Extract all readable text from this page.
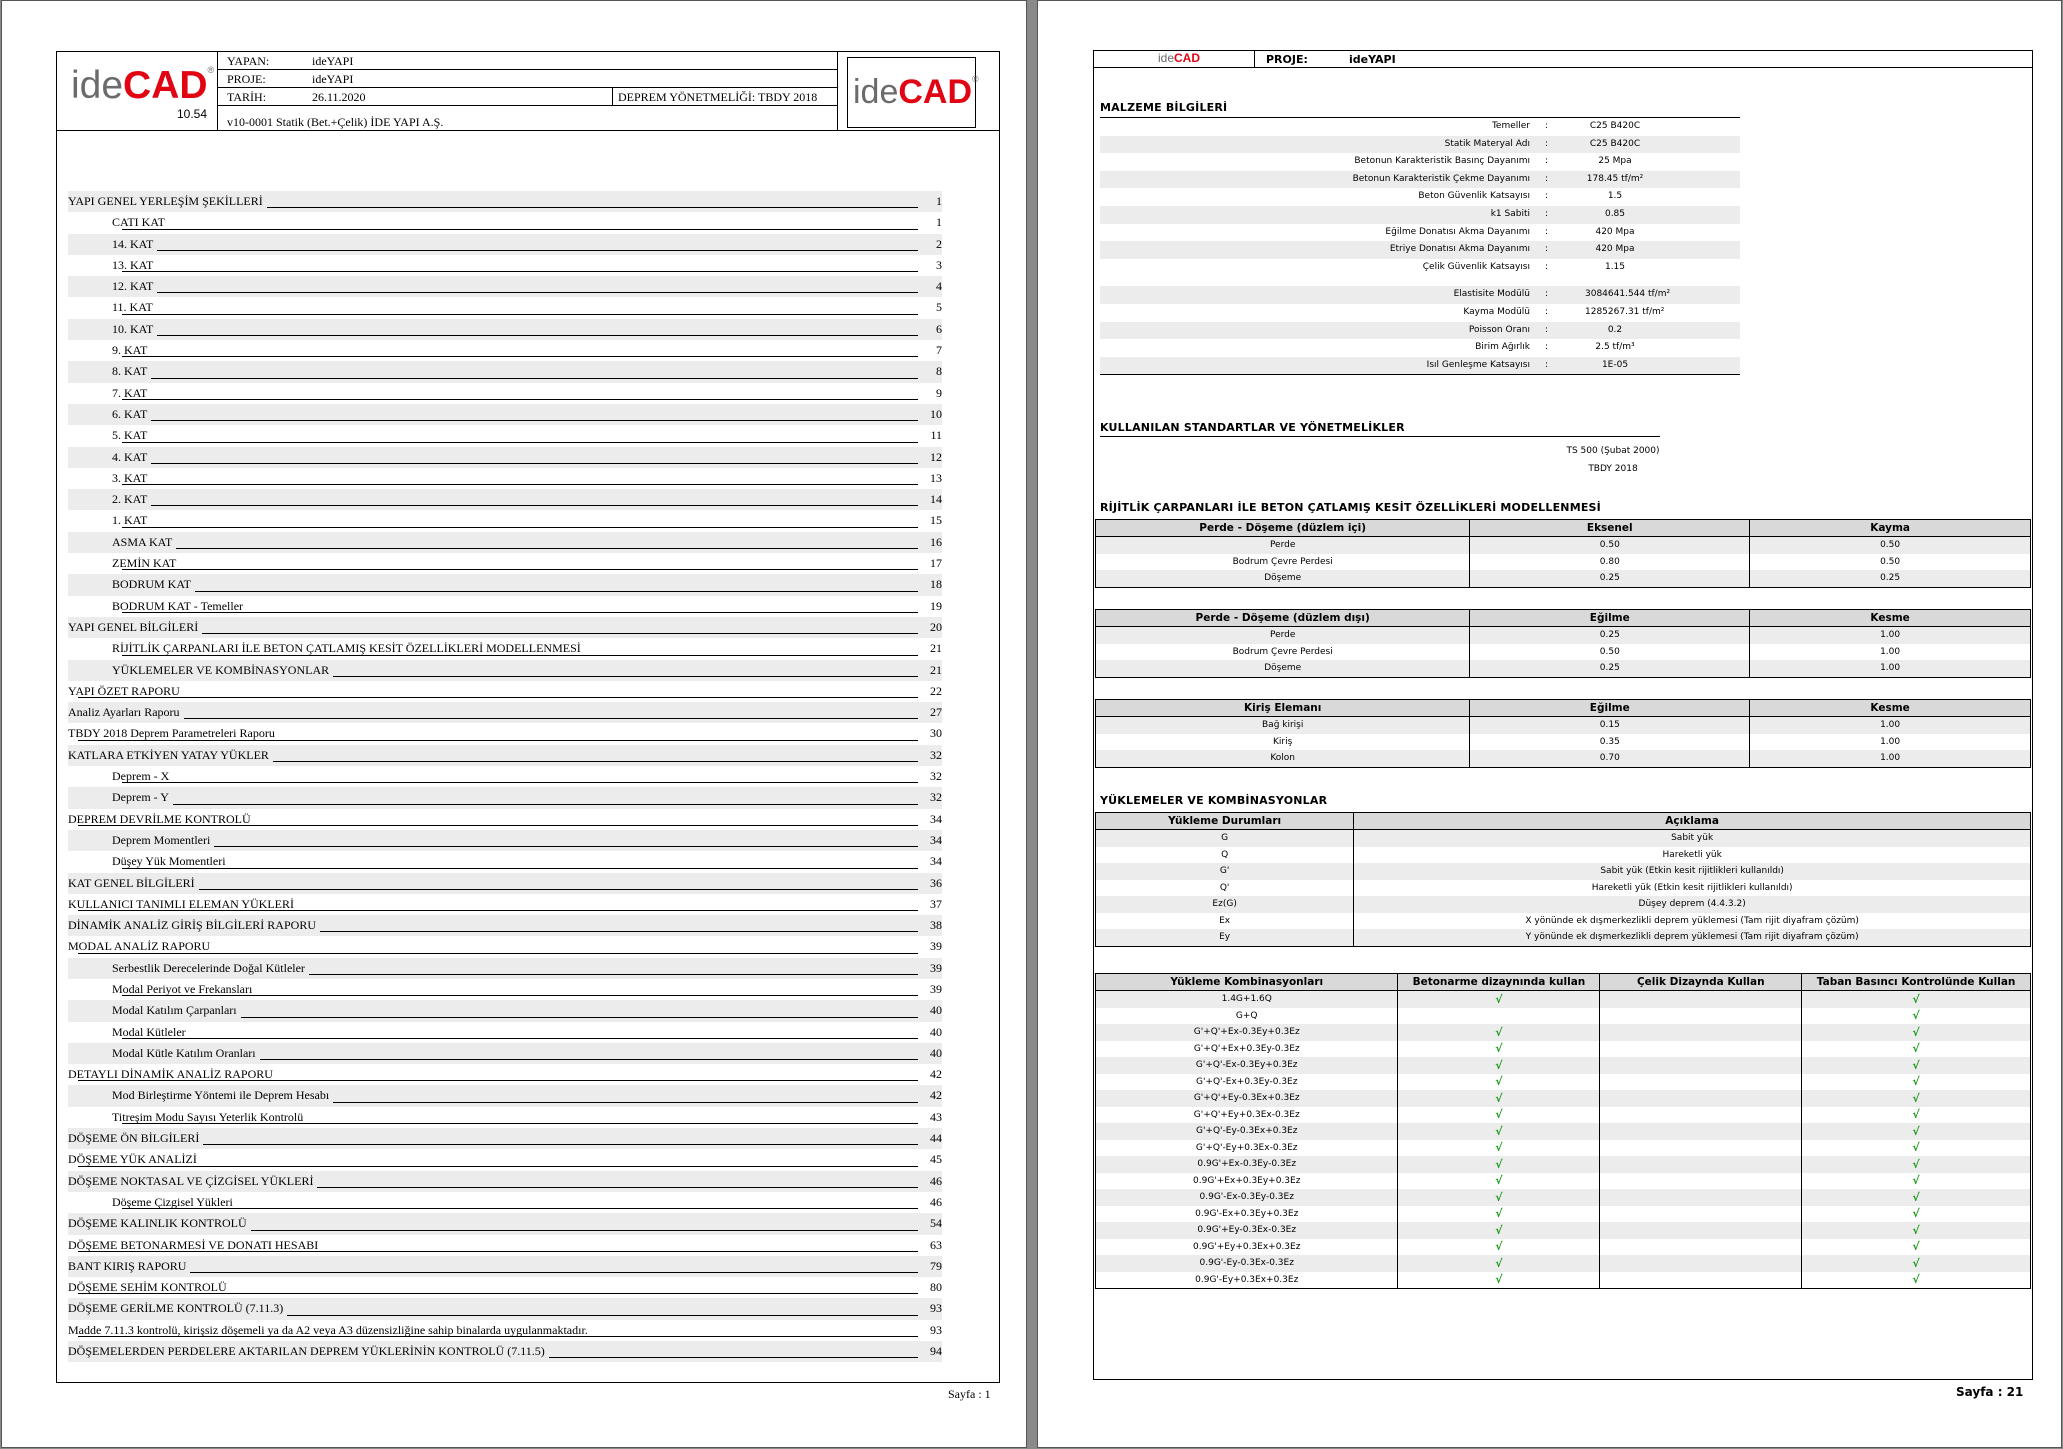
ideCAD®
10.54
YAPAN:	ideYAPI
PROJE:	ideYAPI
TARİH:	26.11.2020	DEPREM YÖNETMELİĞİ: TBDY 2018
v10-0001 Statik (Bet.+Çelik) İDE YAPI A.Ş.
ideCAD®
YAPI GENEL YERLEŞİM ŞEKİLLERİ	1
CATI KAT	1
14. KAT	2
13. KAT	3
12. KAT	4
11. KAT	5
10. KAT	6
9. KAT	7
8. KAT	8
7. KAT	9
6. KAT	10
5. KAT	11
4. KAT	12
3. KAT	13
2. KAT	14
1. KAT	15
ASMA KAT	16
ZEMİN KAT	17
BODRUM KAT	18
BODRUM KAT - Temeller	19
YAPI GENEL BİLGİLERİ	20
RİJİTLİK ÇARPANLARI İLE BETON ÇATLAMIŞ KESİT ÖZELLİKLERİ MODELLENMESİ	21
YÜKLEMELER VE KOMBİNASYONLAR	21
YAPI ÖZET RAPORU	22
Analiz Ayarları Raporu	27
TBDY 2018 Deprem Parametreleri Raporu	30
KATLARA ETKİYEN YATAY YÜKLER	32
Deprem - X	32
Deprem - Y	32
DEPREM DEVRİLME KONTROLÜ	34
Deprem Momentleri	34
Düşey Yük Momentleri	34
KAT GENEL BİLGİLERİ	36
KULLANICI TANIMLI ELEMAN YÜKLERİ	37
DİNAMİK ANALİZ GİRİŞ BİLGİLERİ RAPORU	38
MODAL ANALİZ RAPORU	39
Serbestlik Derecelerinde Doğal Kütleler	39
Modal Periyot ve Frekansları	39
Modal Katılım Çarpanları	40
Modal Kütleler	40
Modal Kütle Katılım Oranları	40
DETAYLI DİNAMİK ANALİZ RAPORU	42
Mod Birleştirme Yöntemi ile Deprem Hesabı	42
Titreşim Modu Sayısı Yeterlik Kontrolü	43
DÖŞEME ÖN BİLGİLERİ	44
DÖŞEME YÜK ANALİZİ	45
DÖŞEME NOKTASAL VE ÇİZGİSEL YÜKLERİ	46
Döşeme Çizgisel Yükleri	46
DÖŞEME KALINLIK KONTROLÜ	54
DÖŞEME BETONARMESİ VE DONATI HESABI	63
BANT KIRIŞ RAPORU	79
DÖŞEME SEHİM KONTROLÜ	80
DÖŞEME GERİLME KONTROLÜ (7.11.3)	93
Madde 7.11.3 kontrolü, kirişsiz döşemeli ya da A2 veya A3 düzensizliğine sahip binalarda uygulanmaktadır.	93
DÖŞEMELERDEN PERDELERE AKTARILAN DEPREM YÜKLERİNİN KONTROLÜ (7.11.5)	94
Sayfa : 1
ideCAD	PROJE:	ideYAPI
MALZEME BİLGİLERİ
Temeller :	C25 B420C
Statik Materyal Adı :	C25 B420C
Betonun Karakteristik Basınç Dayanımı :	25 Mpa
Betonun Karakteristik Çekme Dayanımı :	178.45 tf/m²
Beton Güvenlik Katsayısı :	1.5
k1 Sabiti :	0.85
Eğilme Donatısı Akma Dayanımı :	420 Mpa
Etriye Donatısı Akma Dayanımı :	420 Mpa
Çelik Güvenlik Katsayısı :	1.15
Elastisite Modülü :	3084641.544 tf/m²
Kayma Modülü :	1285267.31 tf/m²
Poisson Oranı :	0.2
Birim Ağırlık :	2.5 tf/m³
Isıl Genleşme Katsayısı :	1E-05
KULLANILAN STANDARTLAR VE YÖNETMELİKLER
TS 500 (Şubat 2000)
TBDY 2018
RİJİTLİK ÇARPANLARI İLE BETON ÇATLAMIŞ KESİT ÖZELLİKLERİ MODELLENMESİ
Perde - Döşeme (düzlem içi)	Eksenel	Kayma
Perde	0.50	0.50
Bodrum Çevre Perdesi	0.80	0.50
Döşeme	0.25	0.25
Perde - Döşeme (düzlem dışı)	Eğilme	Kesme
Perde	0.25	1.00
Bodrum Çevre Perdesi	0.50	1.00
Döşeme	0.25	1.00
Kiriş Elemanı	Eğilme	Kesme
Bağ kirişi	0.15	1.00
Kiriş	0.35	1.00
Kolon	0.70	1.00
YÜKLEMELER VE KOMBİNASYONLAR
Yükleme Durumları	Açıklama
G	Sabit yük
Q	Hareketli yük
G'	Sabit yük (Etkin kesit rijitlikleri kullanıldı)
Q'	Hareketli yük (Etkin kesit rijitlikleri kullanıldı)
Ez(G)	Düşey deprem (4.4.3.2)
Ex	X yönünde ek dışmerkezlikli deprem yüklemesi (Tam rijit diyafram çözüm)
Ey	Y yönünde ek dışmerkezlikli deprem yüklemesi (Tam rijit diyafram çözüm)
Yükleme Kombinasyonları	Betonarme dizaynında kullan	Çelik Dizaynda Kullan	Taban Basıncı Kontrolünde Kullan
1.4G+1.6Q	√		√
G+Q			√
G'+Q'+Ex-0.3Ey+0.3Ez	√		√
G'+Q'+Ex+0.3Ey-0.3Ez	√		√
G'+Q'-Ex-0.3Ey+0.3Ez	√		√
G'+Q'-Ex+0.3Ey-0.3Ez	√		√
G'+Q'+Ey-0.3Ex+0.3Ez	√		√
G'+Q'+Ey+0.3Ex-0.3Ez	√		√
G'+Q'-Ey-0.3Ex+0.3Ez	√		√
G'+Q'-Ey+0.3Ex-0.3Ez	√		√
0.9G'+Ex-0.3Ey-0.3Ez	√		√
0.9G'+Ex+0.3Ey+0.3Ez	√		√
0.9G'-Ex-0.3Ey-0.3Ez	√		√
0.9G'-Ex+0.3Ey+0.3Ez	√		√
0.9G'+Ey-0.3Ex-0.3Ez	√		√
0.9G'+Ey+0.3Ex+0.3Ez	√		√
0.9G'-Ey-0.3Ex-0.3Ez	√		√
0.9G'-Ey+0.3Ex+0.3Ez	√		√
Sayfa : 21
